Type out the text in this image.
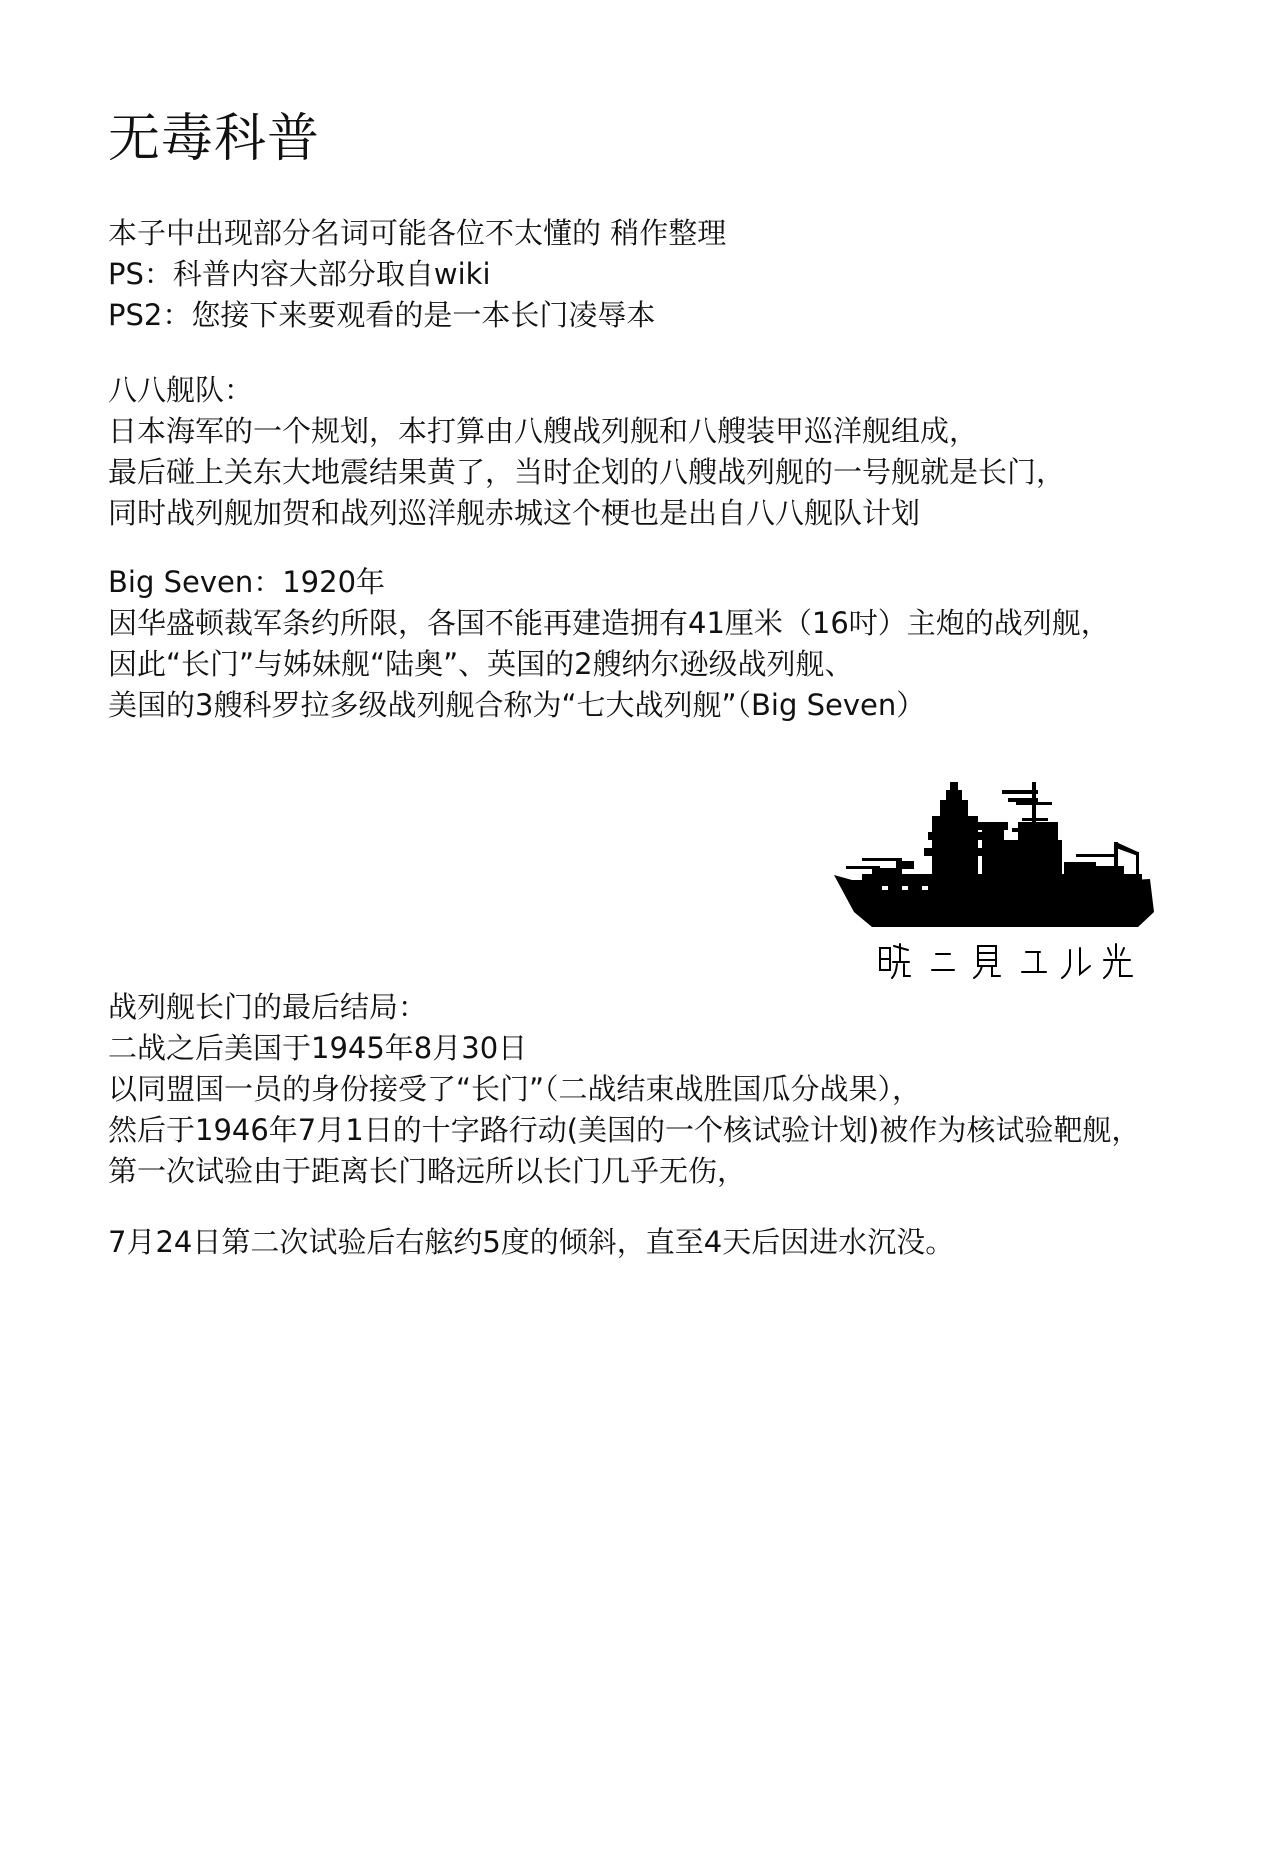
无毒科普
本子中出现部分名词可能各位不太懂的 稍作整理
PS：科普内容大部分取自wiki
PS2：您接下来要观看的是一本长门凌辱本
八八舰队：
日本海军的一个规划，本打算由八艘战列舰和八艘装甲巡洋舰组成，
最后碰上关东大地震结果黄了，当时企划的八艘战列舰的一号舰就是长门，
同时战列舰加贺和战列巡洋舰赤城这个梗也是出自八八舰队计划
Big Seven：1920年
因华盛顿裁军条约所限，各国不能再建造拥有41厘米（16吋）主炮的战列舰，
因此“长门”与姊妹舰“陆奥”、英国的2艘纳尔逊级战列舰、
美国的3艘科罗拉多级战列舰合称为“七大战列舰”（Big Seven）
战列舰长门的最后结局：
二战之后美国于1945年8月30日
以同盟国一员的身份接受了“长门”（二战结束战胜国瓜分战果），
然后于1946年7月1日的十字路行动(美国的一个核试验计划)被作为核试验靶舰，
第一次试验由于距离长门略远所以长门几乎无伤，
7月24日第二次试验后右舷约5度的倾斜，直至4天后因进水沉没。
